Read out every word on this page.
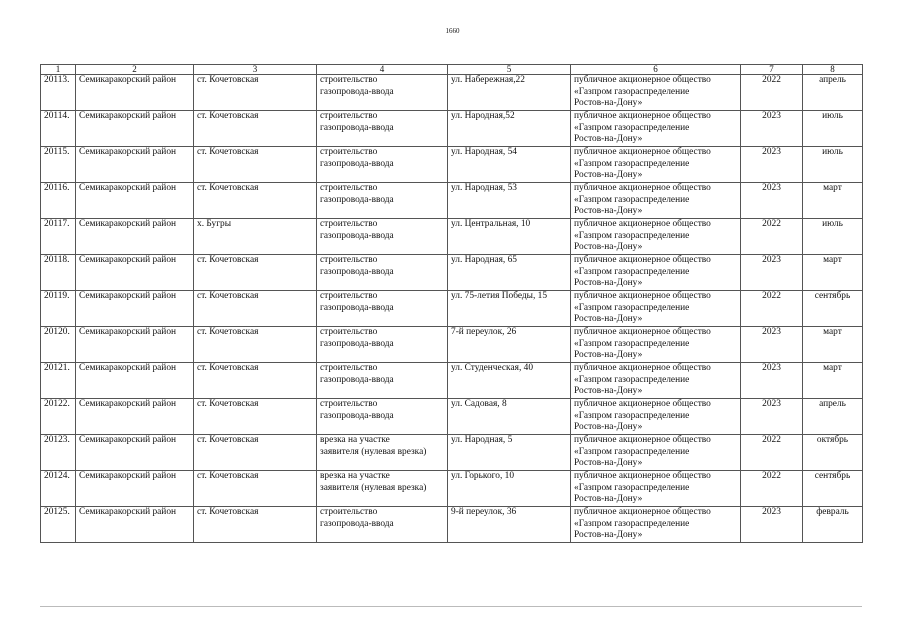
1660
1	2	3	4	5	6	7	8
20113.	Семикаракорский район	ст. Кочетовская	строительство
газопровода-ввода	ул. Набережная,22	публичное акционерное общество
«Газпром газораспределение
Ростов-на-Дону»	2022	апрель
20114.	Семикаракорский район	ст. Кочетовская	строительство
газопровода-ввода	ул. Народная,52	публичное акционерное общество
«Газпром газораспределение
Ростов-на-Дону»	2023	июль
20115.	Семикаракорский район	ст. Кочетовская	строительство
газопровода-ввода	ул. Народная, 54	публичное акционерное общество
«Газпром газораспределение
Ростов-на-Дону»	2023	июль
20116.	Семикаракорский район	ст. Кочетовская	строительство
газопровода-ввода	ул. Народная, 53	публичное акционерное общество
«Газпром газораспределение
Ростов-на-Дону»	2023	март
20117.	Семикаракорский район	х. Бугры	строительство
газопровода-ввода	ул. Центральная, 10	публичное акционерное общество
«Газпром газораспределение
Ростов-на-Дону»	2022	июль
20118.	Семикаракорский район	ст. Кочетовская	строительство
газопровода-ввода	ул. Народная, 65	публичное акционерное общество
«Газпром газораспределение
Ростов-на-Дону»	2023	март
20119.	Семикаракорский район	ст. Кочетовская	строительство
газопровода-ввода	ул. 75-летия Победы, 15	публичное акционерное общество
«Газпром газораспределение
Ростов-на-Дону»	2022	сентябрь
20120.	Семикаракорский район	ст. Кочетовская	строительство
газопровода-ввода	7-й переулок, 26	публичное акционерное общество
«Газпром газораспределение
Ростов-на-Дону»	2023	март
20121.	Семикаракорский район	ст. Кочетовская	строительство
газопровода-ввода	ул. Студенческая, 40	публичное акционерное общество
«Газпром газораспределение
Ростов-на-Дону»	2023	март
20122.	Семикаракорский район	ст. Кочетовская	строительство
газопровода-ввода	ул. Садовая, 8	публичное акционерное общество
«Газпром газораспределение
Ростов-на-Дону»	2023	апрель
20123.	Семикаракорский район	ст. Кочетовская	врезка на участке
заявителя (нулевая врезка)	ул. Народная, 5	публичное акционерное общество
«Газпром газораспределение
Ростов-на-Дону»	2022	октябрь
20124.	Семикаракорский район	ст. Кочетовская	врезка на участке
заявителя (нулевая врезка)	ул. Горького, 10	публичное акционерное общество
«Газпром газораспределение
Ростов-на-Дону»	2022	сентябрь
20125.	Семикаракорский район	ст. Кочетовская	строительство
газопровода-ввода	9-й переулок, 36	публичное акционерное общество
«Газпром газораспределение
Ростов-на-Дону»	2023	февраль
